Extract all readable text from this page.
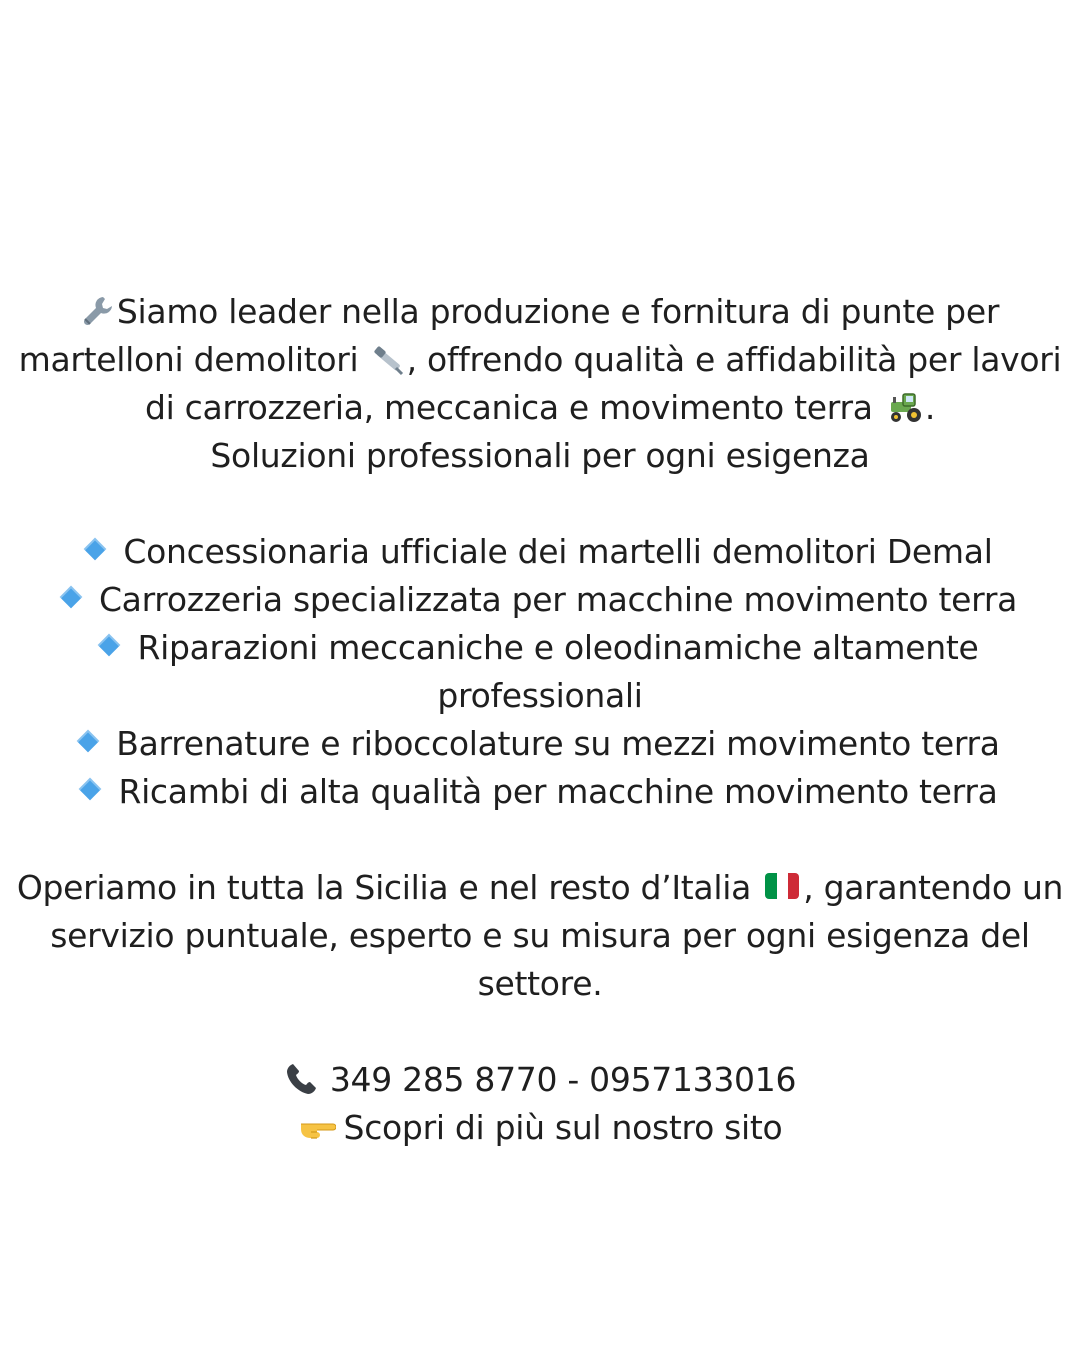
Siamo leader nella produzione e fornitura di punte per
martelloni demolitori , offrendo qualità e affidabilità per lavori
di carrozzeria, meccanica e movimento terra .
Soluzioni professionali per ogni esigenza
Concessionaria ufficiale dei martelli demolitori Demal
Carrozzeria specializzata per macchine movimento terra
Riparazioni meccaniche e oleodinamiche altamente professionali
Barrenature e riboccolature su mezzi movimento terra
Ricambi di alta qualità per macchine movimento terra
Operiamo in tutta la Sicilia e nel resto d’Italia
, garantendo un
servizio puntuale, esperto e su misura per ogni esigenza del
settore.
349 285 8770 - 0957133016
Scopri di più sul nostro sito
